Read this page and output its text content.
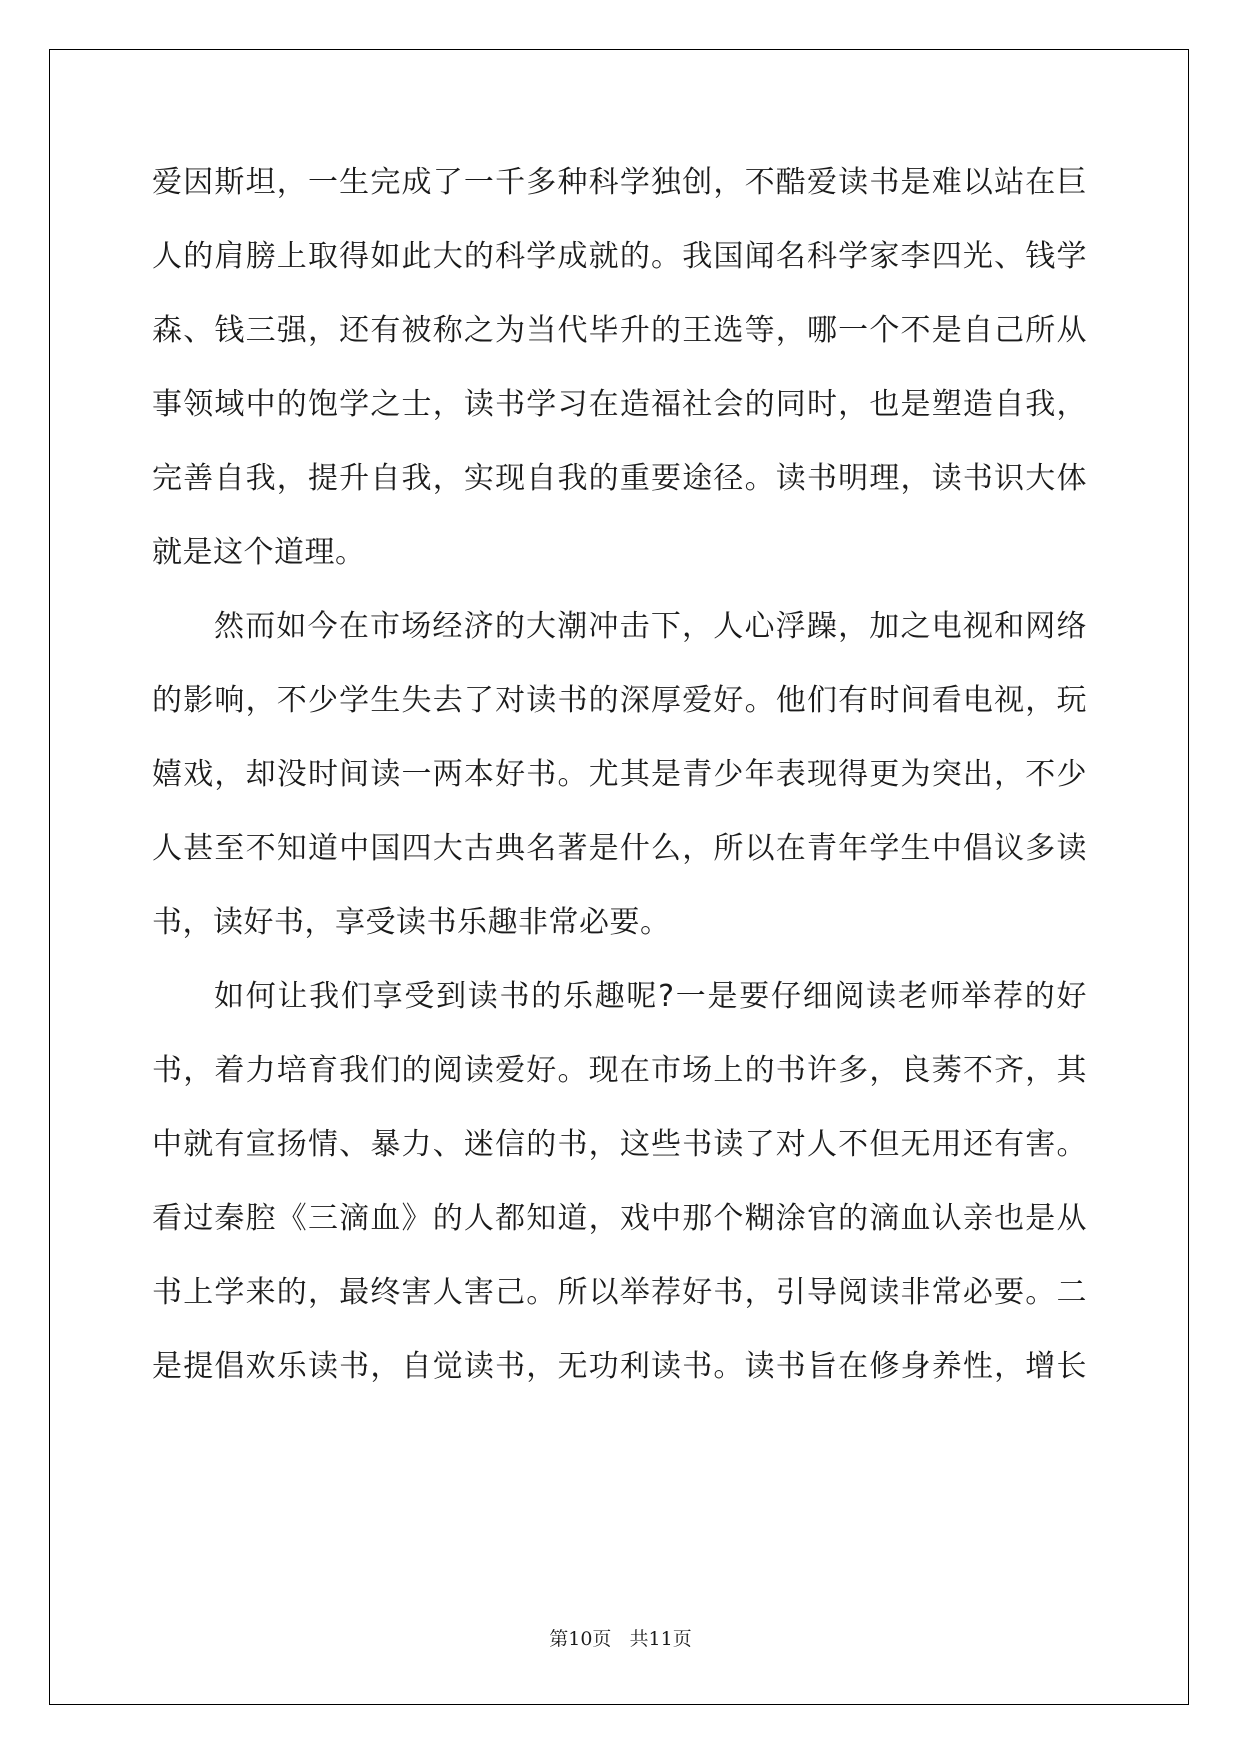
爱因斯坦，一生完成了一千多种科学独创，不酷爱读书是难以站在巨
人的肩膀上取得如此大的科学成就的。我国闻名科学家李四光、钱学
森、钱三强，还有被称之为当代毕升的王选等，哪一个不是自己所从
事领域中的饱学之士，读书学习在造福社会的同时，也是塑造自我，
完善自我，提升自我，实现自我的重要途径。读书明理，读书识大体
就是这个道理。
然而如今在市场经济的大潮冲击下，人心浮躁，加之电视和网络
的影响，不少学生失去了对读书的深厚爱好。他们有时间看电视，玩
嬉戏，却没时间读一两本好书。尤其是青少年表现得更为突出，不少
人甚至不知道中国四大古典名著是什么，所以在青年学生中倡议多读
书，读好书，享受读书乐趣非常必要。
如何让我们享受到读书的乐趣呢?一是要仔细阅读老师举荐的好
书，着力培育我们的阅读爱好。现在市场上的书许多，良莠不齐，其
中就有宣扬情、暴力、迷信的书，这些书读了对人不但无用还有害。
看过秦腔《三滴血》的人都知道，戏中那个糊涂官的滴血认亲也是从
书上学来的，最终害人害己。所以举荐好书，引导阅读非常必要。二
是提倡欢乐读书，自觉读书，无功利读书。读书旨在修身养性，增长
第10页   共11页
